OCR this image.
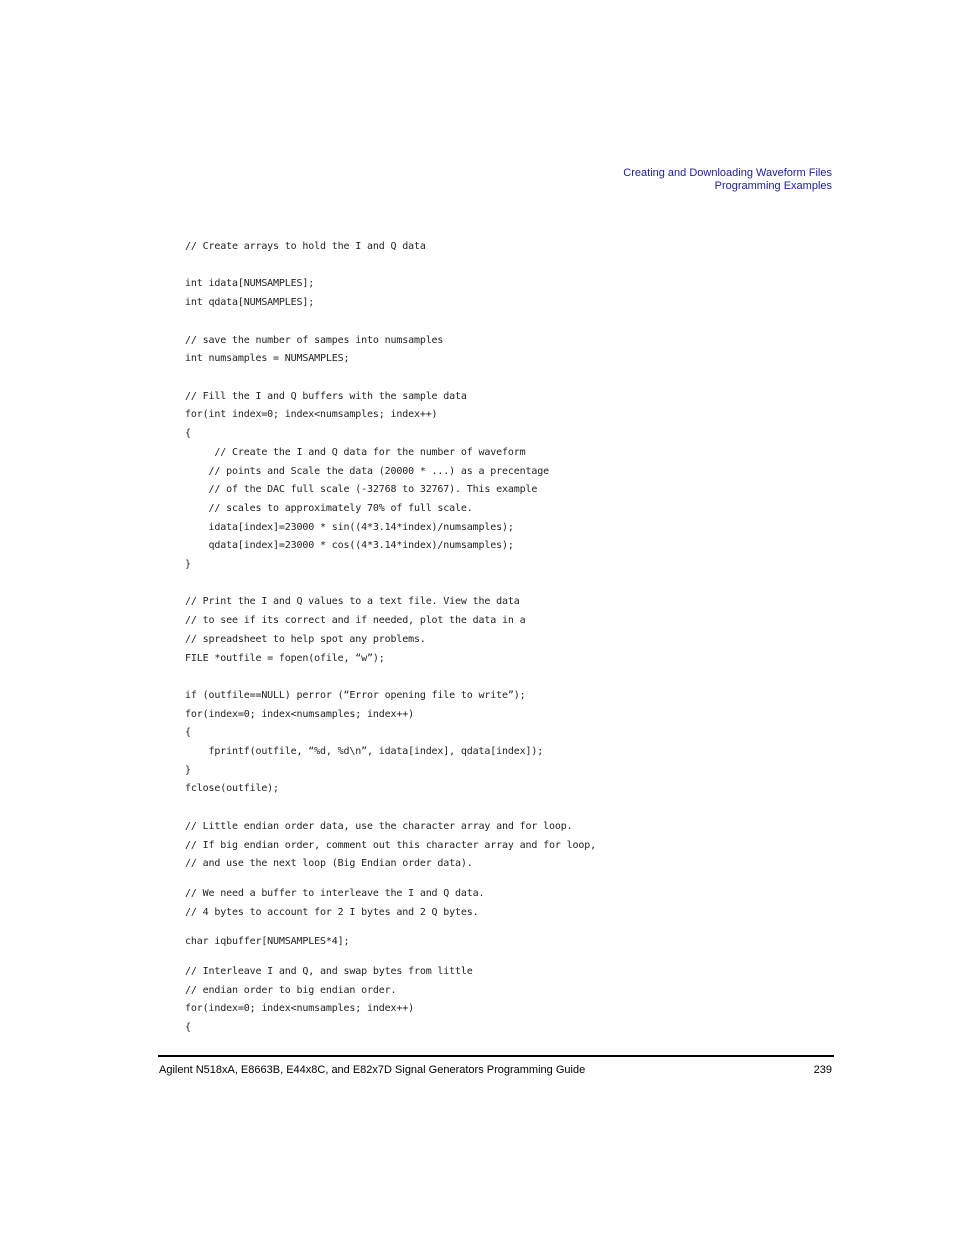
Creating and Downloading Waveform Files
Programming Examples
// Create arrays to hold the I and Q data
int idata[NUMSAMPLES];
int qdata[NUMSAMPLES];
// save the number of sampes into numsamples
int numsamples = NUMSAMPLES;
// Fill the I and Q buffers with the sample data
for(int index=0; index<numsamples; index++)
{
// Create the I and Q data for the number of waveform
// points and Scale the data (20000 * ...) as a precentage
// of the DAC full scale (-32768 to 32767). This example
// scales to approximately 70% of full scale.
idata[index]=23000 * sin((4*3.14*index)/numsamples);
qdata[index]=23000 * cos((4*3.14*index)/numsamples);
}
// Print the I and Q values to a text file. View the data
// to see if its correct and if needed, plot the data in a
// spreadsheet to help spot any problems.
FILE *outfile = fopen(ofile, “w”);
if (outfile==NULL) perror (“Error opening file to write”);
for(index=0; index<numsamples; index++)
{
fprintf(outfile, “%d, %d\n”, idata[index], qdata[index]);
}
fclose(outfile);
// Little endian order data, use the character array and for loop.
// If big endian order, comment out this character array and for loop,
// and use the next loop (Big Endian order data).
// We need a buffer to interleave the I and Q data.
// 4 bytes to account for 2 I bytes and 2 Q bytes.
char iqbuffer[NUMSAMPLES*4];
// Interleave I and Q, and swap bytes from little
// endian order to big endian order.
for(index=0; index<numsamples; index++)
{
Agilent N518xA, E8663B, E44x8C, and E82x7D Signal Generators Programming Guide	239
